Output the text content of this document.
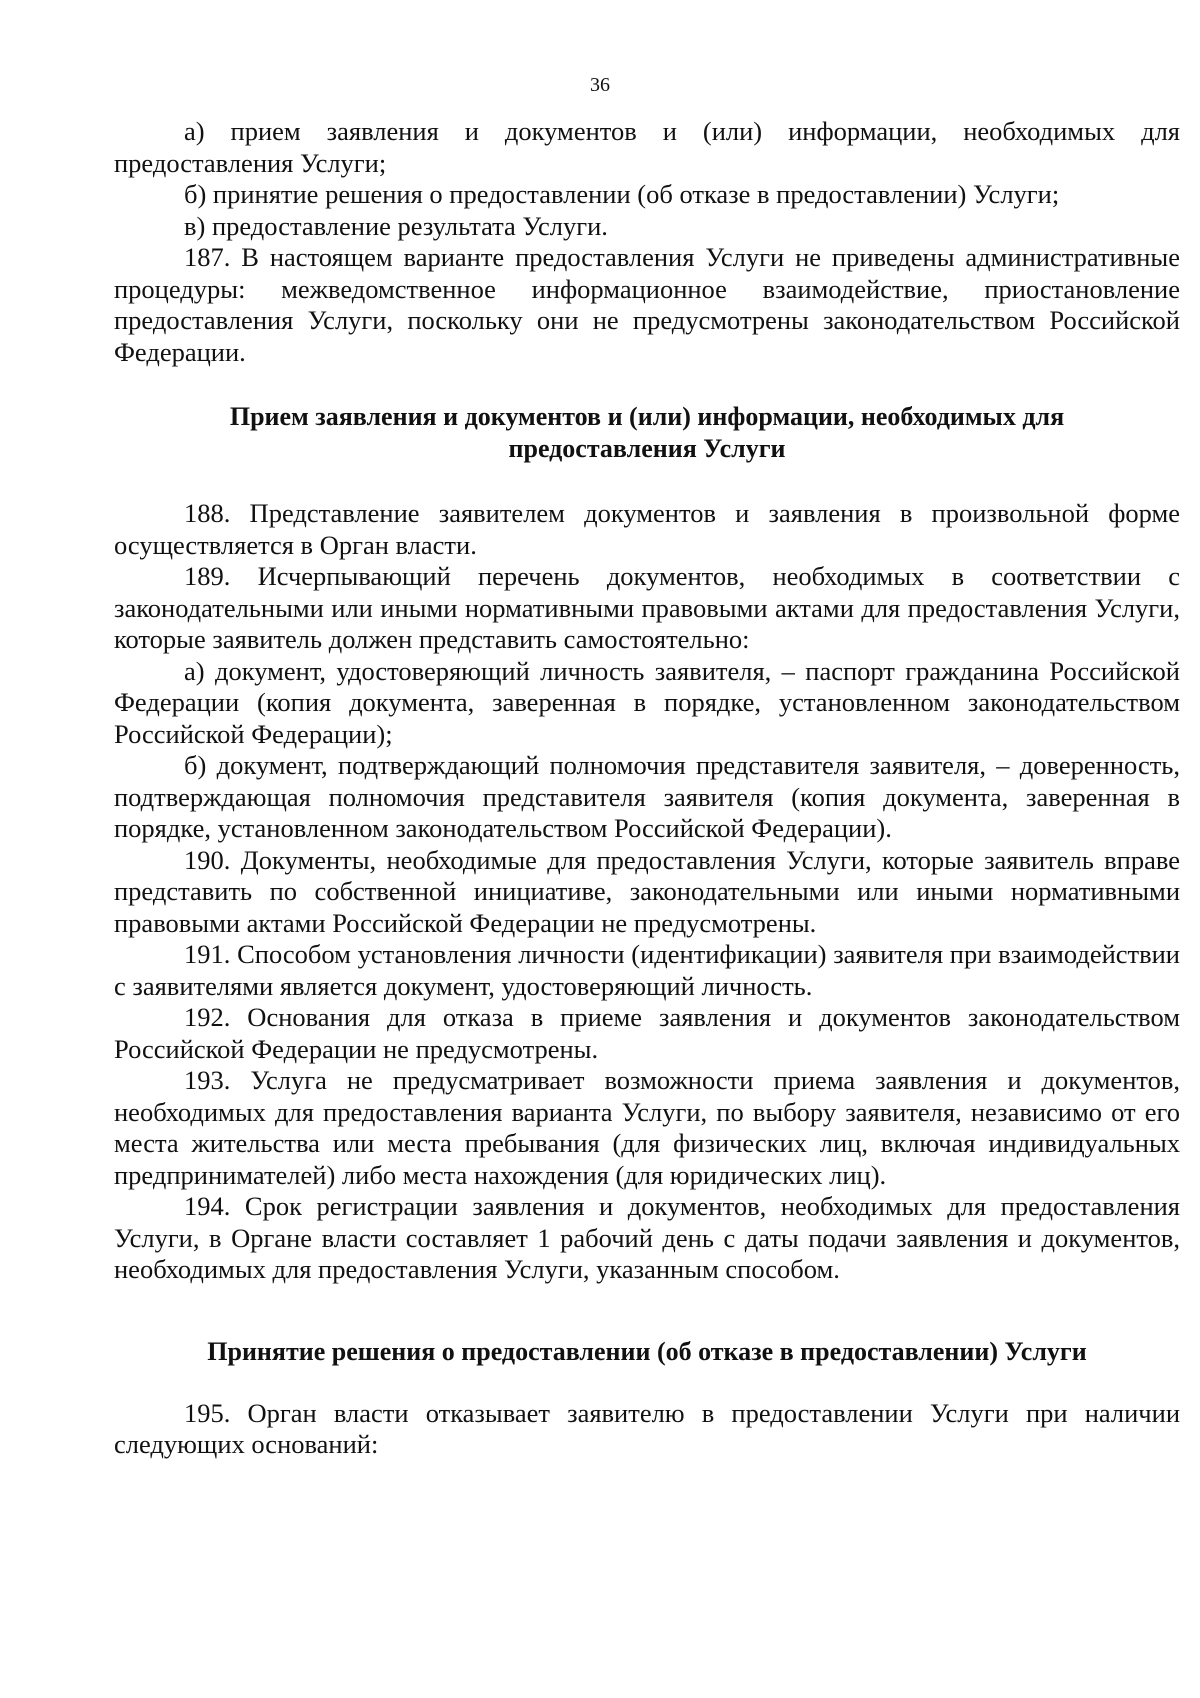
36

а) прием заявления и документов и (или) информации, необходимых для предоставления Услуги;

б) принятие решения о предоставлении (об отказе в предоставлении) Услуги;

в) предоставление результата Услуги.

187. В настоящем варианте предоставления Услуги не приведены административные процедуры: межведомственное информационное взаимодействие, приостановление предоставления Услуги, поскольку они не предусмотрены законодательством Российской Федерации.

Прием заявления и документов и (или) информации, необходимых для предоставления Услуги

188. Представление заявителем документов и заявления в произвольной форме осуществляется в Орган власти.

189. Исчерпывающий перечень документов, необходимых в соответствии с законодательными или иными нормативными правовыми актами для предоставления Услуги, которые заявитель должен представить самостоятельно:

а) документ, удостоверяющий личность заявителя, – паспорт гражданина Российской Федерации (копия документа, заверенная в порядке, установленном законодательством Российской Федерации);

б) документ, подтверждающий полномочия представителя заявителя, – доверенность, подтверждающая полномочия представителя заявителя (копия документа, заверенная в порядке, установленном законодательством Российской Федерации).

190. Документы, необходимые для предоставления Услуги, которые заявитель вправе представить по собственной инициативе, законодательными или иными нормативными правовыми актами Российской Федерации не предусмотрены.

191. Способом установления личности (идентификации) заявителя при взаимодействии с заявителями является документ, удостоверяющий личность.

192. Основания для отказа в приеме заявления и документов законодательством Российской Федерации не предусмотрены.

193. Услуга не предусматривает возможности приема заявления и документов, необходимых для предоставления варианта Услуги, по выбору заявителя, независимо от его места жительства или места пребывания (для физических лиц, включая индивидуальных предпринимателей) либо места нахождения (для юридических лиц).

194. Срок регистрации заявления и документов, необходимых для предоставления Услуги, в Органе власти составляет 1 рабочий день с даты подачи заявления и документов, необходимых для предоставления Услуги, указанным способом.

Принятие решения о предоставлении (об отказе в предоставлении) Услуги

195. Орган власти отказывает заявителю в предоставлении Услуги при наличии следующих оснований:
